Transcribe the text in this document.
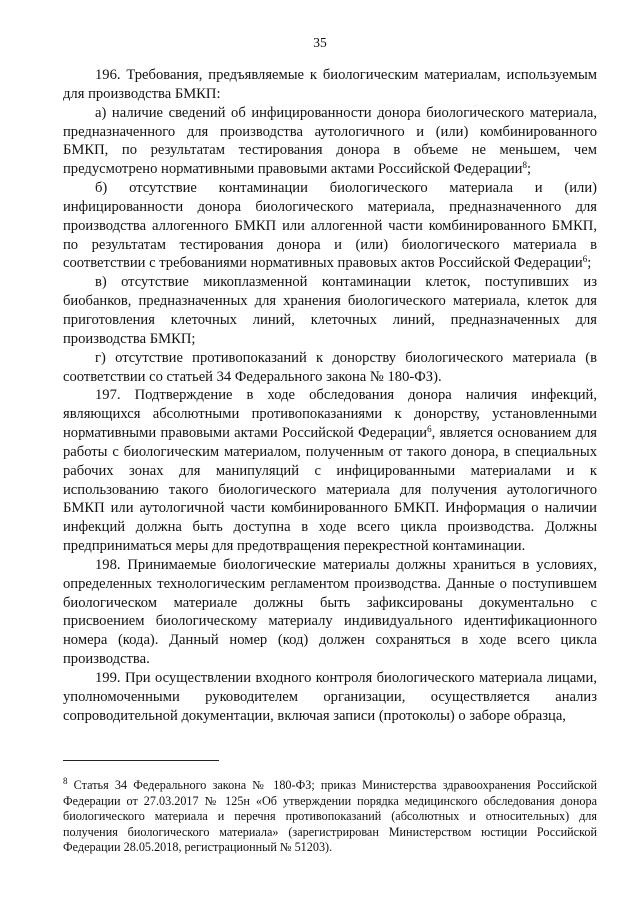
35

196. Требования, предъявляемые к биологическим материалам, используемым для производства БМКП:

а) наличие сведений об инфицированности донора биологического материала, предназначенного для производства аутологичного и (или) комбинированного БМКП, по результатам тестирования донора в объеме не меньшем, чем предусмотрено нормативными правовыми актами Российской Федерации$^8$;

б) отсутствие контаминации биологического материала и (или) инфицированности донора биологического материала, предназначенного для производства аллогенного БМКП или аллогенной части комбинированного БМКП, по результатам тестирования донора и (или) биологического материала в соответствии с требованиями нормативных правовых актов Российской Федерации$^6$;

в) отсутствие микоплазменной контаминации клеток, поступивших из биобанков, предназначенных для хранения биологического материала, клеток для приготовления клеточных линий, клеточных линий, предназначенных для производства БМКП;

г) отсутствие противопоказаний к донорству биологического материала (в соответствии со статьей 34 Федерального закона № 180-ФЗ).

197. Подтверждение в ходе обследования донора наличия инфекций, являющихся абсолютными противопоказаниями к донорству, установленными нормативными правовыми актами Российской Федерации$^6$, является основанием для работы с биологическим материалом, полученным от такого донора, в специальных рабочих зонах для манипуляций с инфицированными материалами и к использованию такого биологического материала для получения аутологичного БМКП или аутологичной части комбинированного БМКП. Информация о наличии инфекций должна быть доступна в ходе всего цикла производства. Должны предприниматься меры для предотвращения перекрестной контаминации.

198. Принимаемые биологические материалы должны храниться в условиях, определенных технологическим регламентом производства. Данные о поступившем биологическом материале должны быть зафиксированы документально с присвоением биологическому материалу индивидуального идентификационного номера (кода). Данный номер (код) должен сохраняться в ходе всего цикла производства.

199. При осуществлении входного контроля биологического материала лицами, уполномоченными руководителем организации, осуществляется анализ сопроводительной документации, включая записи (протоколы) о заборе образца,

$^8$ Статья 34 Федерального закона № 180-ФЗ; приказ Министерства здравоохранения Российской Федерации от 27.03.2017 № 125н «Об утверждении порядка медицинского обследования донора биологического материала и перечня противопоказаний (абсолютных и относительных) для получения биологического материала» (зарегистрирован Министерством юстиции Российской Федерации 28.05.2018, регистрационный № 51203).
